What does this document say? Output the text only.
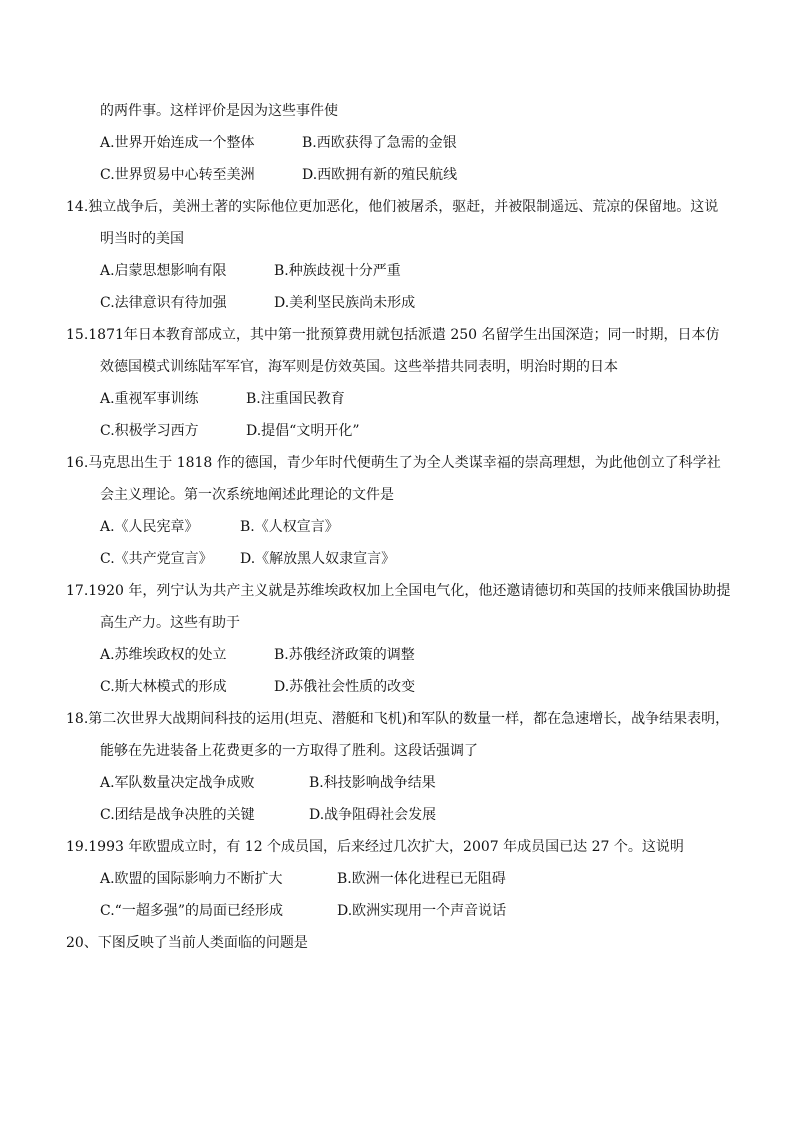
的两件事。这样评价是因为这些事件使
A.世界开始连成一个整体	B.西欧获得了急需的金银
C.世界贸易中心转至美洲	D.西欧拥有新的殖民航线
14.独立战争后，美洲土著的实际他位更加恶化，他们被屠杀，驱赶，并被限制遥远、荒凉的保留地。这说
明当时的美国
A.启蒙思想影响有限	B.种族歧视十分严重
C.法律意识有待加强	D.美利坚民族尚未形成
15.1871年日本教育部成立，其中第一批预算费用就包括派遣 250 名留学生出国深造；同一时期，日本仿
效德国模式训练陆军军官，海军则是仿效英国。这些举措共同表明，明治时期的日本
A.重视军事训练	B.注重国民教育
C.积极学习西方	D.提倡“文明开化”
16.马克思出生于 1818 作的德国，青少年时代便萌生了为全人类谋幸福的崇高理想，为此他创立了科学社
会主义理论。第一次系统地阐述此理论的文件是
A.《人民宪章》	B.《人权宣言》
C.《共产党宣言》 D.《解放黑人奴隶宣言》
17.1920 年，列宁认为共产主义就是苏维埃政权加上全国电气化，他还邀请德切和英国的技师来俄国协助提
高生产力。这些有助于
A.苏维埃政权的处立	B.苏俄经济政策的调整
C.斯大林模式的形成	D.苏俄社会性质的改变
18.第二次世界大战期间科技的运用(坦克、潜艇和飞机)和军队的数量一样，都在急速增长，战争结果表明，
能够在先进装备上花费更多的一方取得了胜利。这段话强调了
A.军队数量决定战争成败	B.科技影响战争结果
C.团结是战争决胜的关键	D.战争阻碍社会发展
19.1993 年欧盟成立时，有 12 个成员国，后来经过几次扩大，2007 年成员国已达 27 个。这说明
A.欧盟的国际影响力不断扩大	B.欧洲一体化进程已无阻碍
C.“一超多强”的局面已经形成	D.欧洲实现用一个声音说话
20、下图反映了当前人类面临的问题是
